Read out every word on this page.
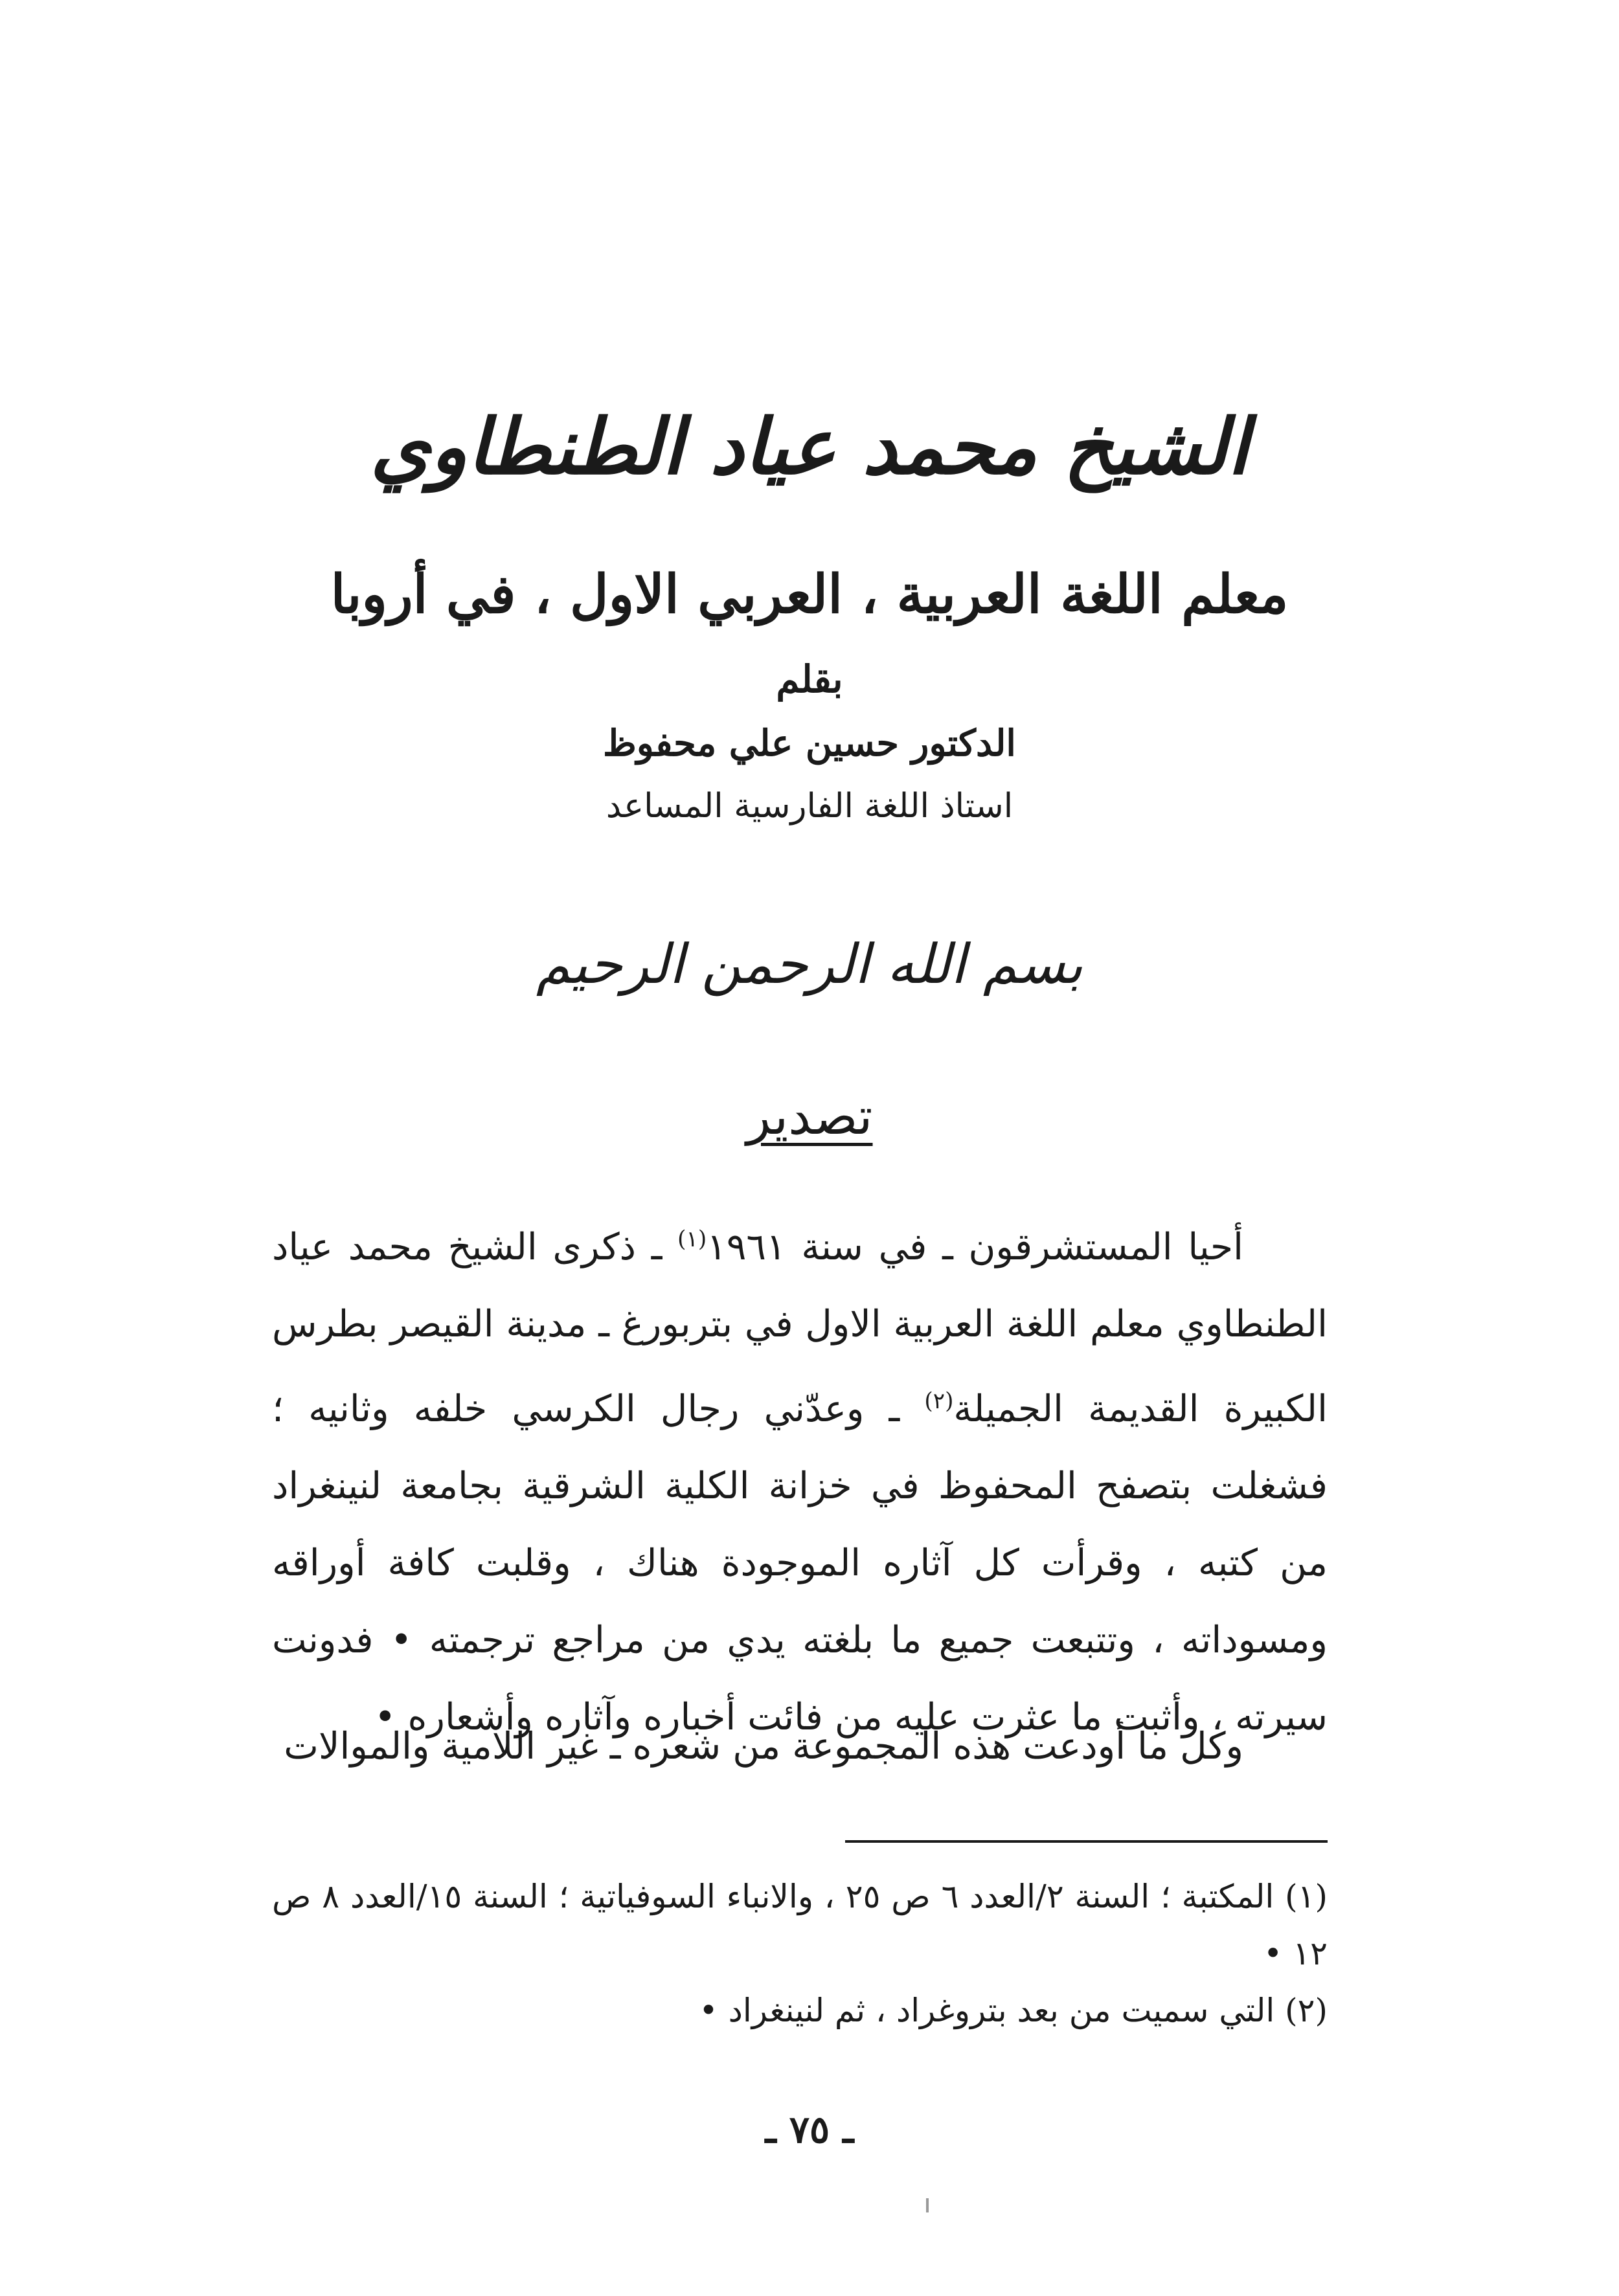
الشيخ محمد عياد الطنطاوي
معلم اللغة العربية ، العربي الاول ، في أروبا
بقلم
الدكتور حسين علي محفوظ
استاذ اللغة الفارسية المساعد
بسم الله الرحمن الرحيم
تصدير
أحيا المستشرقون ـ في سنة ١٩٦١$^{(١)}$ ـ ذكرى الشيخ محمد عياد الطنطاوي معلم اللغة العربية الاول في بتربورغ ـ مدينة القيصر بطرس الكبيرة القديمة الجميلة$^{(٢)}$ ـ وعدّني رجال الكرسي خلفه وثانيه ؛ فشغلت بتصفح المحفوظ في خزانة الكلية الشرقية بجامعة لنينغراد من كتبه ، وقرأت كل آثاره الموجودة هناك ، وقلبت كافة أوراقه ومسوداته ، وتتبعت جميع ما بلغته يدي من مراجع ترجمته • فدونت سيرته ، وأثبت ما عثرت عليه من فائت أخباره وآثاره وأشعاره •
وكل ما أودعت هذه المجموعة من شعره ـ غير اللامية والموالات

(١) المكتبة ؛ السنة ٢/العدد ٦ ص ٢٥ ، والانباء السوفياتية ؛ السنة ١٥/العدد ٨ ص ١٢ •

(٢) التي سميت من بعد بتروغراد ، ثم لنينغراد •

ـ ٧٥ ـ
